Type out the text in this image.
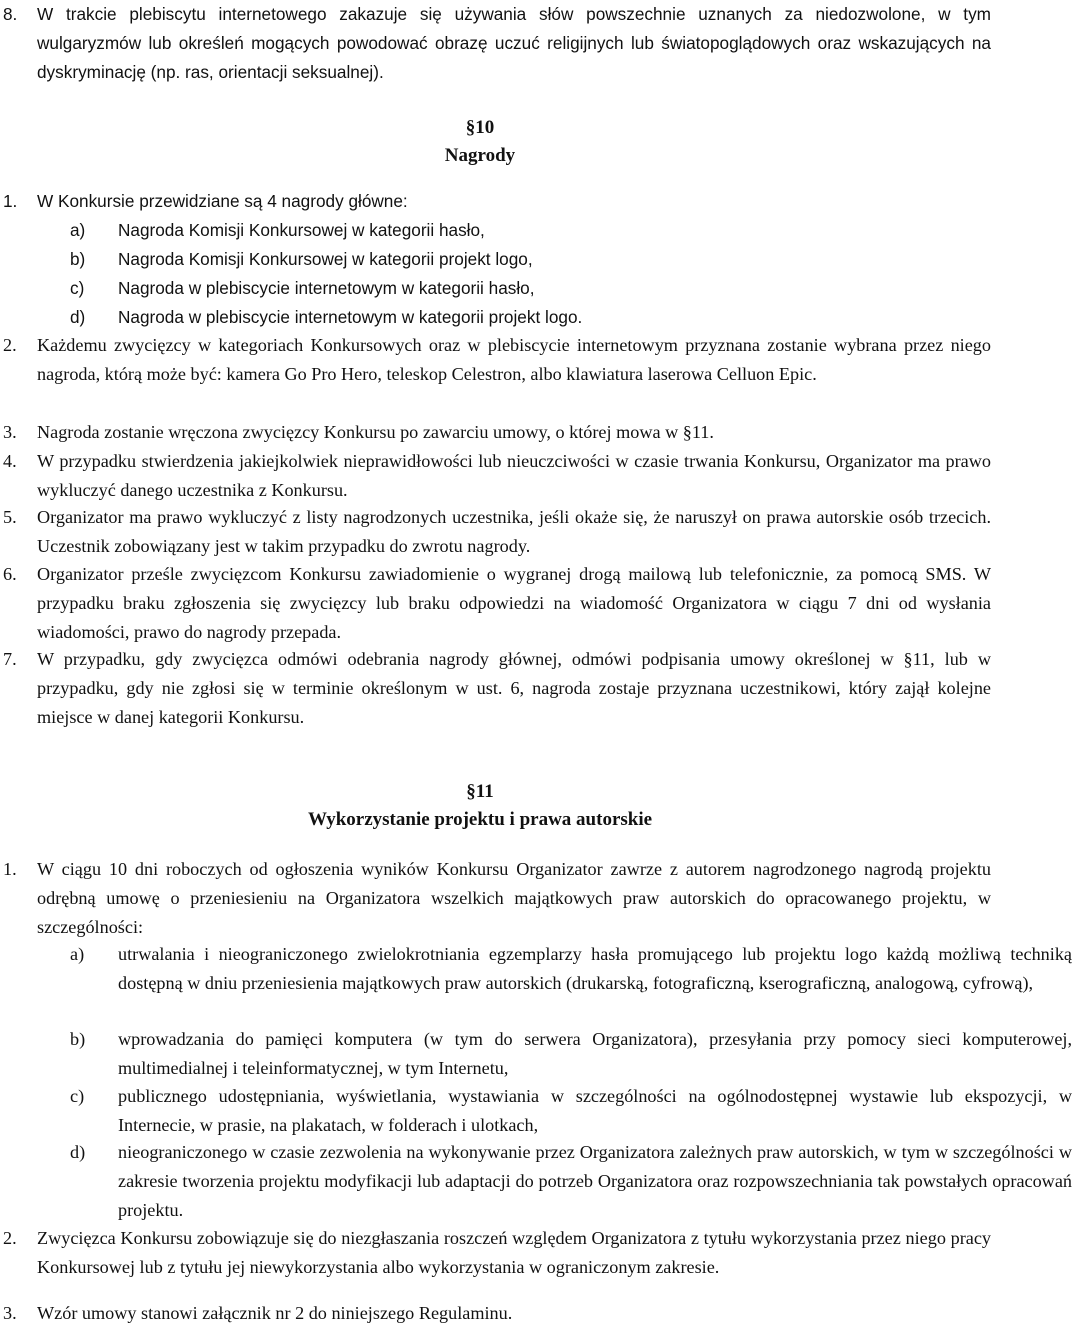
8. W trakcie plebiscytu internetowego zakazuje się używania słów powszechnie uznanych za niedozwolone, w tym wulgaryzmów lub określeń mogących powodować obrazę uczuć religijnych lub światopoglądowych oraz wskazujących na dyskryminację (np. ras, orientacji seksualnej).
§10
Nagrody
1. W Konkursie przewidziane są 4 nagrody główne:
a) Nagroda Komisji Konkursowej w kategorii hasło,
b) Nagroda Komisji Konkursowej w kategorii projekt logo,
c) Nagroda w plebiscycie internetowym w kategorii hasło,
d) Nagroda w plebiscycie internetowym w kategorii projekt logo.
2. Każdemu zwycięzcy w kategoriach Konkursowych oraz w plebiscycie internetowym przyznana zostanie wybrana przez niego nagroda, którą może być: kamera Go Pro Hero, teleskop Celestron, albo klawiatura laserowa Celluon Epic.
3. Nagroda zostanie wręczona zwycięzcy Konkursu po zawarciu umowy, o której mowa w §11.
4. W przypadku stwierdzenia jakiejkolwiek nieprawidłowości lub nieuczciwości w czasie trwania Konkursu, Organizator ma prawo wykluczyć danego uczestnika z Konkursu.
5. Organizator ma prawo wykluczyć z listy nagrodzonych uczestnika, jeśli okaże się, że naruszył on prawa autorskie osób trzecich. Uczestnik zobowiązany jest w takim przypadku do zwrotu nagrody.
6. Organizator prześle zwycięzcom Konkursu zawiadomienie o wygranej drogą mailową lub telefonicznie, za pomocą SMS. W przypadku braku zgłoszenia się zwycięzcy lub braku odpowiedzi na wiadomość Organizatora w ciągu 7 dni od wysłania wiadomości, prawo do nagrody przepada.
7. W przypadku, gdy zwycięzca odmówi odebrania nagrody głównej, odmówi podpisania umowy określonej w §11, lub w przypadku, gdy nie zgłosi się w terminie określonym w ust. 6, nagroda zostaje przyznana uczestnikowi, który zajął kolejne miejsce w danej kategorii Konkursu.
§11
Wykorzystanie projektu i prawa autorskie
1. W ciągu 10 dni roboczych od ogłoszenia wyników Konkursu Organizator zawrze z autorem nagrodzonego nagrodą projektu odrębną umowę o przeniesieniu na Organizatora wszelkich majątkowych praw autorskich do opracowanego projektu, w szczególności:
a) utrwalania i nieograniczonego zwielokrotniania egzemplarzy hasła promującego lub projektu logo każdą możliwą techniką dostępną w dniu przeniesienia majątkowych praw autorskich (drukarską, fotograficzną, kserograficzną, analogową, cyfrową),
b) wprowadzania do pamięci komputera (w tym do serwera Organizatora), przesyłania przy pomocy sieci komputerowej, multimedialnej i teleinformatycznej, w tym Internetu,
c) publicznego udostępniania, wyświetlania, wystawiania w szczególności na ogólnodostępnej wystawie lub ekspozycji, w Internecie, w prasie, na plakatach, w folderach i ulotkach,
d) nieograniczonego w czasie zezwolenia na wykonywanie przez Organizatora zależnych praw autorskich, w tym w szczególności w zakresie tworzenia projektu modyfikacji lub adaptacji do potrzeb Organizatora oraz rozpowszechniania tak powstałych opracowań projektu.
2. Zwycięzca Konkursu zobowiązuje się do niezgłaszania roszczeń względem Organizatora z tytułu wykorzystania przez niego pracy Konkursowej lub z tytułu jej niewykorzystania albo wykorzystania w ograniczonym zakresie.
3. Wzór umowy stanowi załącznik nr 2 do niniejszego Regulaminu.
